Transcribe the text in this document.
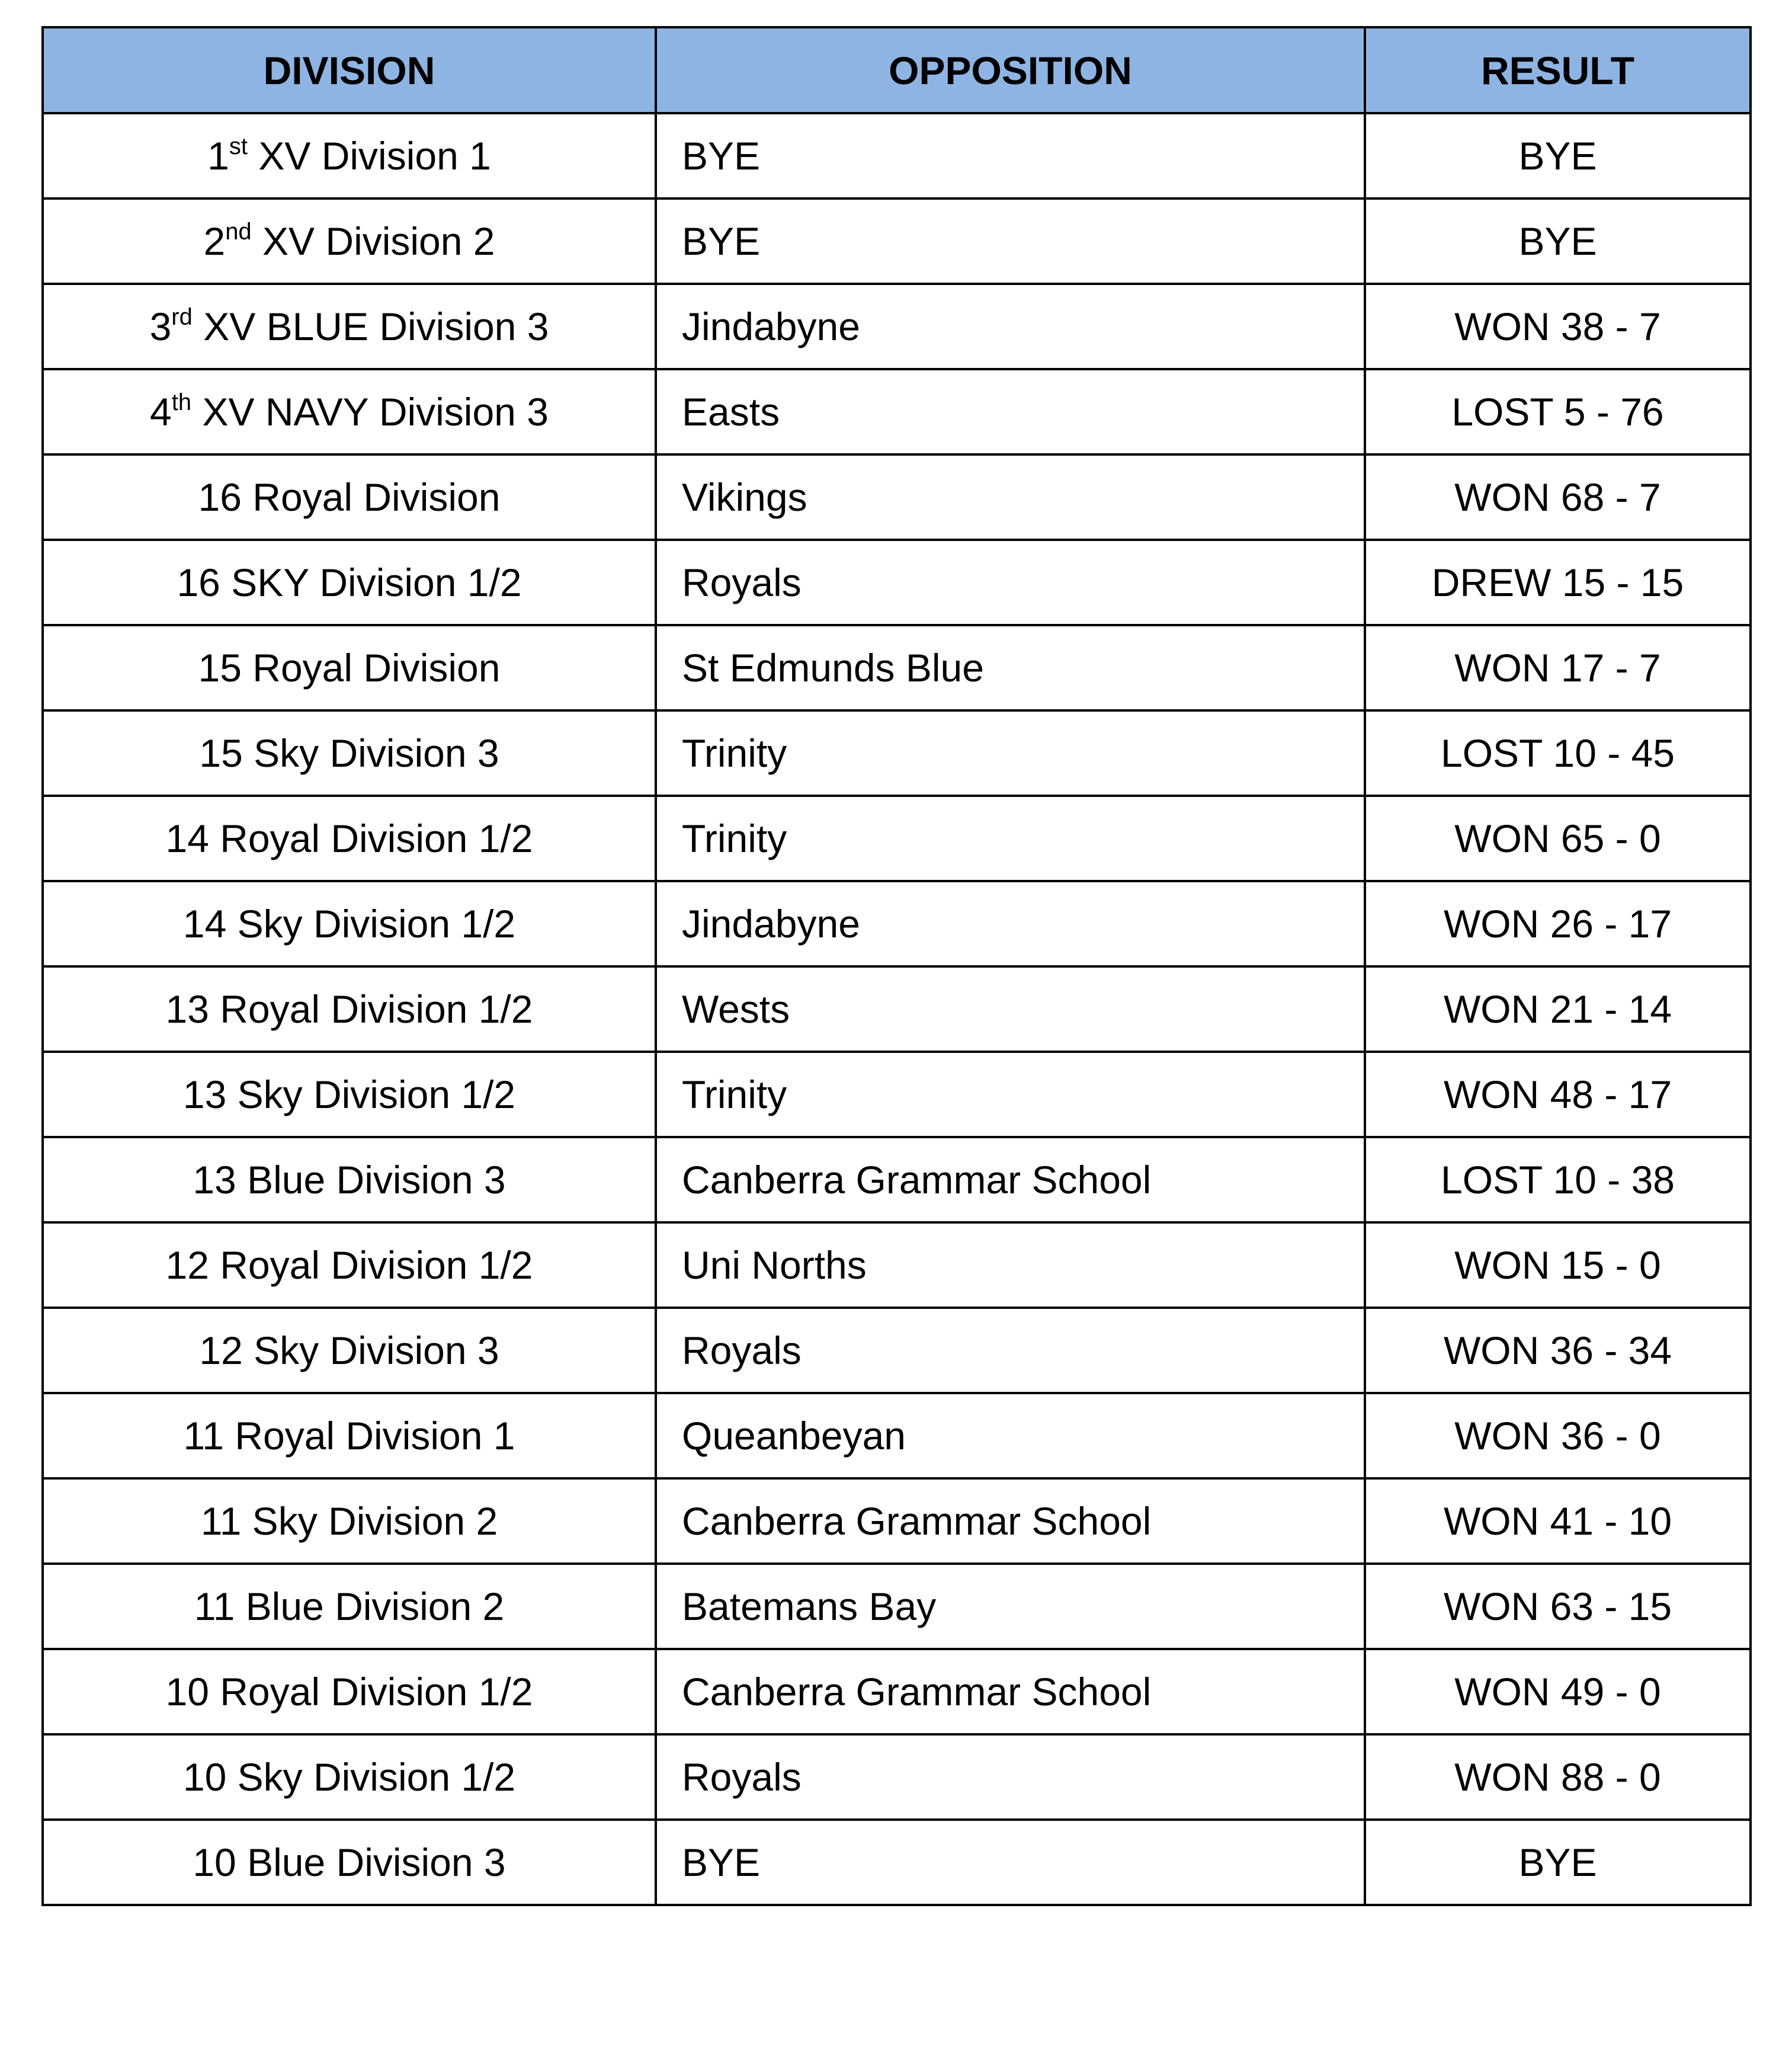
DIVISION	OPPOSITION	RESULT
1st XV Division 1	BYE	BYE
2nd XV Division 2	BYE	BYE
3rd XV BLUE Division 3	Jindabyne	WON 38 - 7
4th XV NAVY Division 3	Easts	LOST 5 - 76
16 Royal Division	Vikings	WON 68 - 7
16 SKY Division 1/2	Royals	DREW 15 - 15
15 Royal Division	St Edmunds Blue	WON 17 - 7
15 Sky Division 3	Trinity	LOST 10 - 45
14 Royal Division 1/2	Trinity	WON 65 - 0
14 Sky Division 1/2	Jindabyne	WON 26 - 17
13 Royal Division 1/2	Wests	WON 21 - 14
13 Sky Division 1/2	Trinity	WON 48 - 17
13 Blue Division 3	Canberra Grammar School	LOST 10 - 38
12 Royal Division 1/2	Uni Norths	WON 15 - 0
12 Sky Division 3	Royals	WON 36 - 34
11 Royal Division 1	Queanbeyan	WON 36 - 0
11 Sky Division 2	Canberra Grammar School	WON 41 - 10
11 Blue Division 2	Batemans Bay	WON 63 - 15
10 Royal Division 1/2	Canberra Grammar School	WON 49 - 0
10 Sky Division 1/2	Royals	WON 88 - 0
10 Blue Division 3	BYE	BYE
